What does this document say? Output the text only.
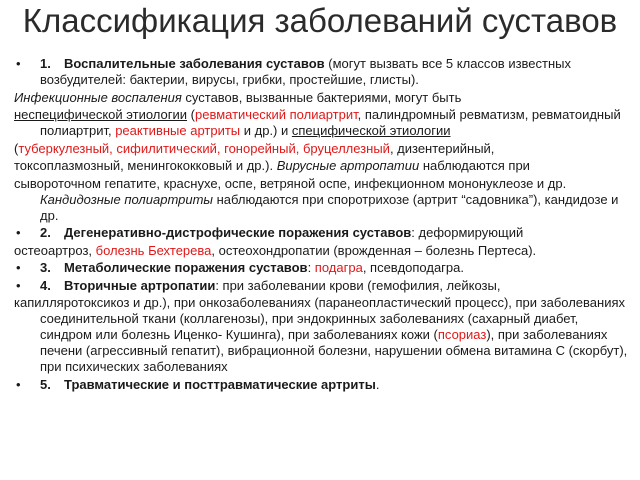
Классификация заболеваний суставов
• 1. Воспалительные заболевания суставов (могут вызвать все 5 классов известных возбудителей: бактерии, вирусы, грибки, простейшие, глисты).
Инфекционные воспаления суставов, вызванные бактериями, могут быть
неспецифической этиологии (ревматический полиартрит, палиндромный ревматизм, ревматоидный полиартрит, реактивные артриты и др.) и специфической этиологии
(туберкулезный, сифилитический, гонорейный, бруцеллезный, дизентерийный,
токсоплазмозный, менингококковый и др.). Вирусные артропатии наблюдаются при
сывороточном гепатите, краснухе, оспе, ветряной оспе, инфекционном мононуклеозе и др. Кандидозные полиартриты наблюдаются при споротрихозе (артрит “садовника”), кандидозе и др.
• 2. Дегенеративно-дистрофические поражения суставов: деформирующий
остеоартроз, болезнь Бехтерева, остеохондропатии (врожденная – болезнь Пертеса).
• 3. Метаболические поражения суставов: подагра, псевдоподагра.
• 4. Вторичные артропатии: при заболевании крови (гемофилия, лейкозы,
капилляротоксикоз и др.), при онкозаболеваниях (паранеопластический процесс), при заболеваниях соединительной ткани (коллагенозы), при эндокринных заболеваниях (сахарный диабет, синдром или болезнь Иценко- Кушинга), при заболеваниях кожи (псориаз), при заболеваниях печени (агрессивный гепатит), вибрационной болезни, нарушении обмена витамина С (скорбут), при психических заболеваниях
• 5. Травматические и посттравматические артриты.
